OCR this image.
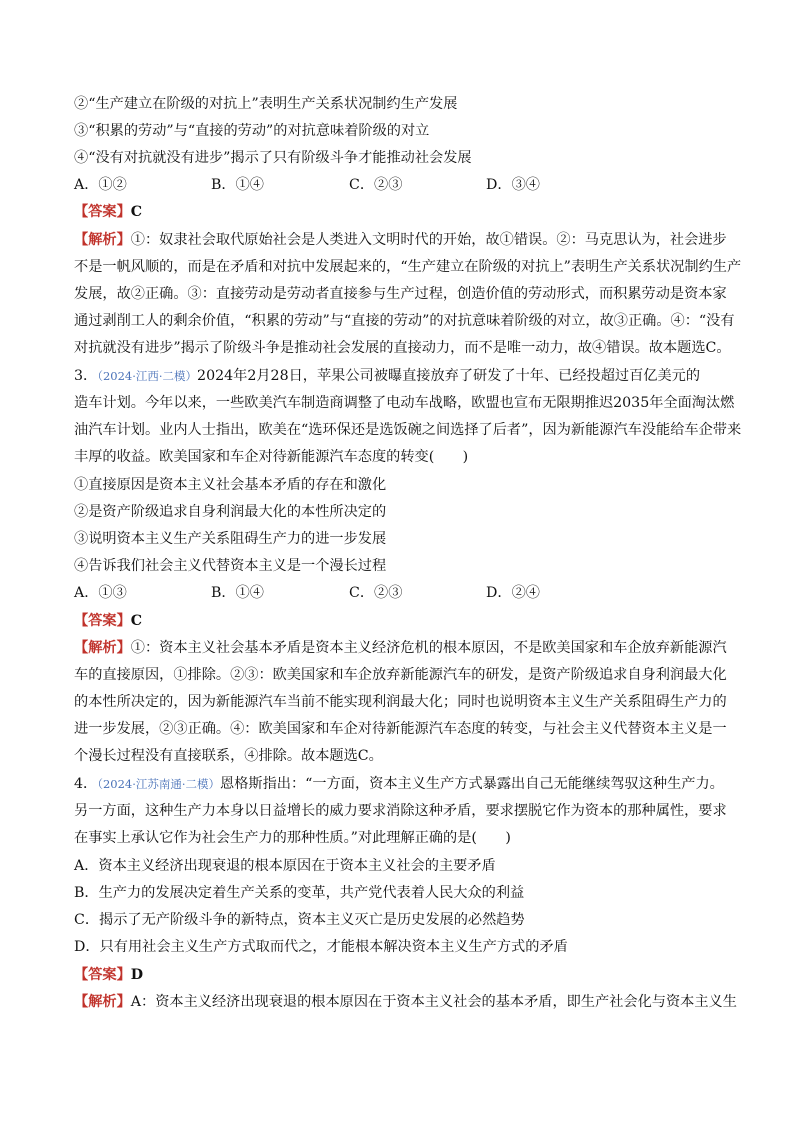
②“生产建立在阶级的对抗上”表明生产关系状况制约生产发展
③“积累的劳动”与“直接的劳动”的对抗意味着阶级的对立
④“没有对抗就没有进步”揭示了只有阶级斗争才能推动社会发展
A．①②	B．①④	C．②③	D．③④
【答案】C
【解析】①：奴隶社会取代原始社会是人类进入文明时代的开始，故①错误。②：马克思认为，社会进步
不是一帆风顺的，而是在矛盾和对抗中发展起来的，“生产建立在阶级的对抗上”表明生产关系状况制约生产
发展，故②正确。③：直接劳动是劳动者直接参与生产过程，创造价值的劳动形式，而积累劳动是资本家
通过剥削工人的剩余价值，“积累的劳动”与“直接的劳动”的对抗意味着阶级的对立，故③正确。④：“没有
对抗就没有进步”揭示了阶级斗争是推动社会发展的直接动力，而不是唯一动力，故④错误。故本题选C。
3．（2024·江西·二模）2024年2月28日，苹果公司被曝直接放弃了研发了十年、已经投超过百亿美元的
造车计划。今年以来，一些欧美汽车制造商调整了电动车战略，欧盟也宣布无限期推迟2035年全面淘汰燃
油汽车计划。业内人士指出，欧美在“选环保还是选饭碗之间选择了后者”，因为新能源汽车没能给车企带来
丰厚的收益。欧美国家和车企对待新能源汽车态度的转变(　　)
①直接原因是资本主义社会基本矛盾的存在和激化
②是资产阶级追求自身利润最大化的本性所决定的
③说明资本主义生产关系阻碍生产力的进一步发展
④告诉我们社会主义代替资本主义是一个漫长过程
A．①③	B．①④	C．②③	D．②④
【答案】C
【解析】①：资本主义社会基本矛盾是资本主义经济危机的根本原因，不是欧美国家和车企放弃新能源汽
车的直接原因，①排除。②③：欧美国家和车企放弃新能源汽车的研发，是资产阶级追求自身利润最大化
的本性所决定的，因为新能源汽车当前不能实现利润最大化；同时也说明资本主义生产关系阻碍生产力的
进一步发展，②③正确。④：欧美国家和车企对待新能源汽车态度的转变，与社会主义代替资本主义是一
个漫长过程没有直接联系，④排除。故本题选C。
4．（2024·江苏南通·二模）恩格斯指出：“一方面，资本主义生产方式暴露出自己无能继续驾驭这种生产力。
另一方面，这种生产力本身以日益增长的威力要求消除这种矛盾，要求摆脱它作为资本的那种属性，要求
在事实上承认它作为社会生产力的那种性质。”对此理解正确的是(　　)
A．资本主义经济出现衰退的根本原因在于资本主义社会的主要矛盾
B．生产力的发展决定着生产关系的变革，共产党代表着人民大众的利益
C．揭示了无产阶级斗争的新特点，资本主义灭亡是历史发展的必然趋势
D．只有用社会主义生产方式取而代之，才能根本解决资本主义生产方式的矛盾
【答案】D
【解析】A：资本主义经济出现衰退的根本原因在于资本主义社会的基本矛盾，即生产社会化与资本主义生
